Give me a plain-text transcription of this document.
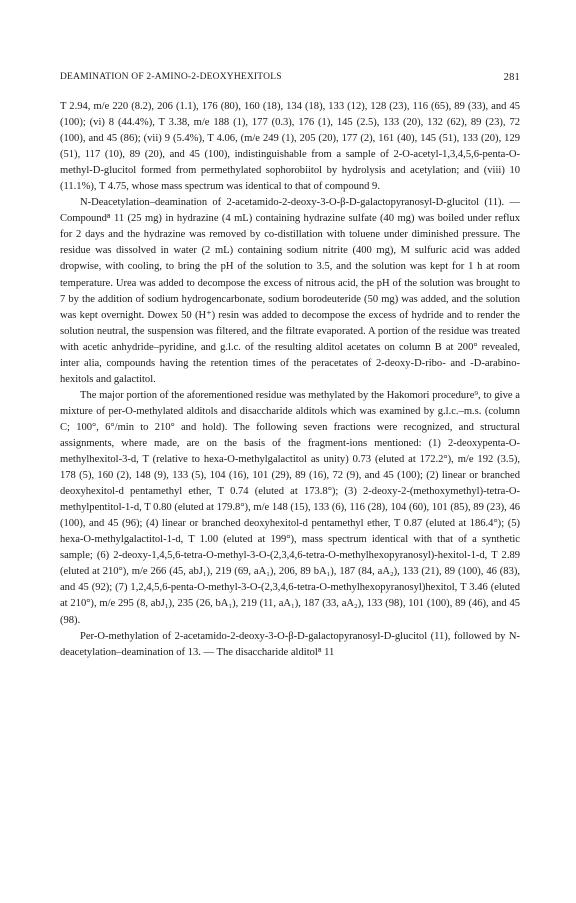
DEAMINATION OF 2-AMINO-2-DEOXYHEXITOLS	281

T 2.94, m/e 220 (8.2), 206 (1.1), 176 (80), 160 (18), 134 (18), 133 (12), 128 (23), 116 (65), 89 (33), and 45 (100); (vi) 8 (44.4%), T 3.38, m/e 188 (1), 177 (0.3), 176 (1), 145 (2.5), 133 (20), 132 (62), 89 (23), 72 (100), and 45 (86); (vii) 9 (5.4%), T 4.06, (m/e 249 (1), 205 (20), 177 (2), 161 (40), 145 (51), 133 (20), 129 (51), 117 (10), 89 (20), and 45 (100), indistinguishable from a sample of 2-O-acetyl-1,3,4,5,6-penta-O-methyl-D-glucitol formed from permethylated sophorobiitol by hydrolysis and acetylation; and (viii) 10 (11.1%), T 4.75, whose mass spectrum was identical to that of compound 9.

N-Deacetylation–deamination of 2-acetamido-2-deoxy-3-O-β-D-galactopyranosyl-D-glucitol (11). — Compound⁸ 11 (25 mg) in hydrazine (4 mL) containing hydrazine sulfate (40 mg) was boiled under reflux for 2 days and the hydrazine was removed by co-distillation with toluene under diminished pressure. The residue was dissolved in water (2 mL) containing sodium nitrite (400 mg), M sulfuric acid was added dropwise, with cooling, to bring the pH of the solution to 3.5, and the solution was kept for 1 h at room temperature. Urea was added to decompose the excess of nitrous acid, the pH of the solution was brought to 7 by the addition of sodium hydrogencarbonate, sodium borodeuteride (50 mg) was added, and the solution was kept overnight. Dowex 50 (H⁺) resin was added to decompose the excess of hydride and to render the solution neutral, the suspension was filtered, and the filtrate evaporated. A portion of the residue was treated with acetic anhydride–pyridine, and g.l.c. of the resulting alditol acetates on column B at 200° revealed, inter alia, compounds having the retention times of the peracetates of 2-deoxy-D-ribo- and -D-arabino-hexitols and galactitol.

The major portion of the aforementioned residue was methylated by the Hakomori procedure⁹, to give a mixture of per-O-methylated alditols and disaccharide alditols which was examined by g.l.c.–m.s. (column C; 100°, 6°/min to 210° and hold). The following seven fractions were recognized, and structural assignments, where made, are on the basis of the fragment-ions mentioned: (1) 2-deoxypenta-O-methylhexitol-3-d, T (relative to hexa-O-methylgalactitol as unity) 0.73 (eluted at 172.2°), m/e 192 (3.5), 178 (5), 160 (2), 148 (9), 133 (5), 104 (16), 101 (29), 89 (16), 72 (9), and 45 (100); (2) linear or branched deoxyhexitol-d pentamethyl ether, T 0.74 (eluted at 173.8°); (3) 2-deoxy-2-(methoxymethyl)-tetra-O-methylpentitol-1-d, T 0.80 (eluted at 179.8°), m/e 148 (15), 133 (6), 116 (28), 104 (60), 101 (85), 89 (23), 46 (100), and 45 (96); (4) linear or branched deoxyhexitol-d pentamethyl ether, T 0.87 (eluted at 186.4°); (5) hexa-O-methylgalactitol-1-d, T 1.00 (eluted at 199°), mass spectrum identical with that of a synthetic sample; (6) 2-deoxy-1,4,5,6-tetra-O-methyl-3-O-(2,3,4,6-tetra-O-methylhexopyranosyl)-hexitol-1-d, T 2.89 (eluted at 210°), m/e 266 (45, abJ₁), 219 (69, aA₁), 206, 89 bA₁), 187 (84, aA₂), 133 (21), 89 (100), 46 (83), and 45 (92); (7) 1,2,4,5,6-penta-O-methyl-3-O-(2,3,4,6-tetra-O-methylhexopyranosyl)hexitol, T 3.46 (eluted at 210°), m/e 295 (8, abJ₁), 235 (26, bA₁), 219 (11, aA₁), 187 (33, aA₂), 133 (98), 101 (100), 89 (46), and 45 (98).

Per-O-methylation of 2-acetamido-2-deoxy-3-O-β-D-galactopyranosyl-D-glucitol (11), followed by N-deacetylation–deamination of 13. — The disaccharide alditol⁸ 11
